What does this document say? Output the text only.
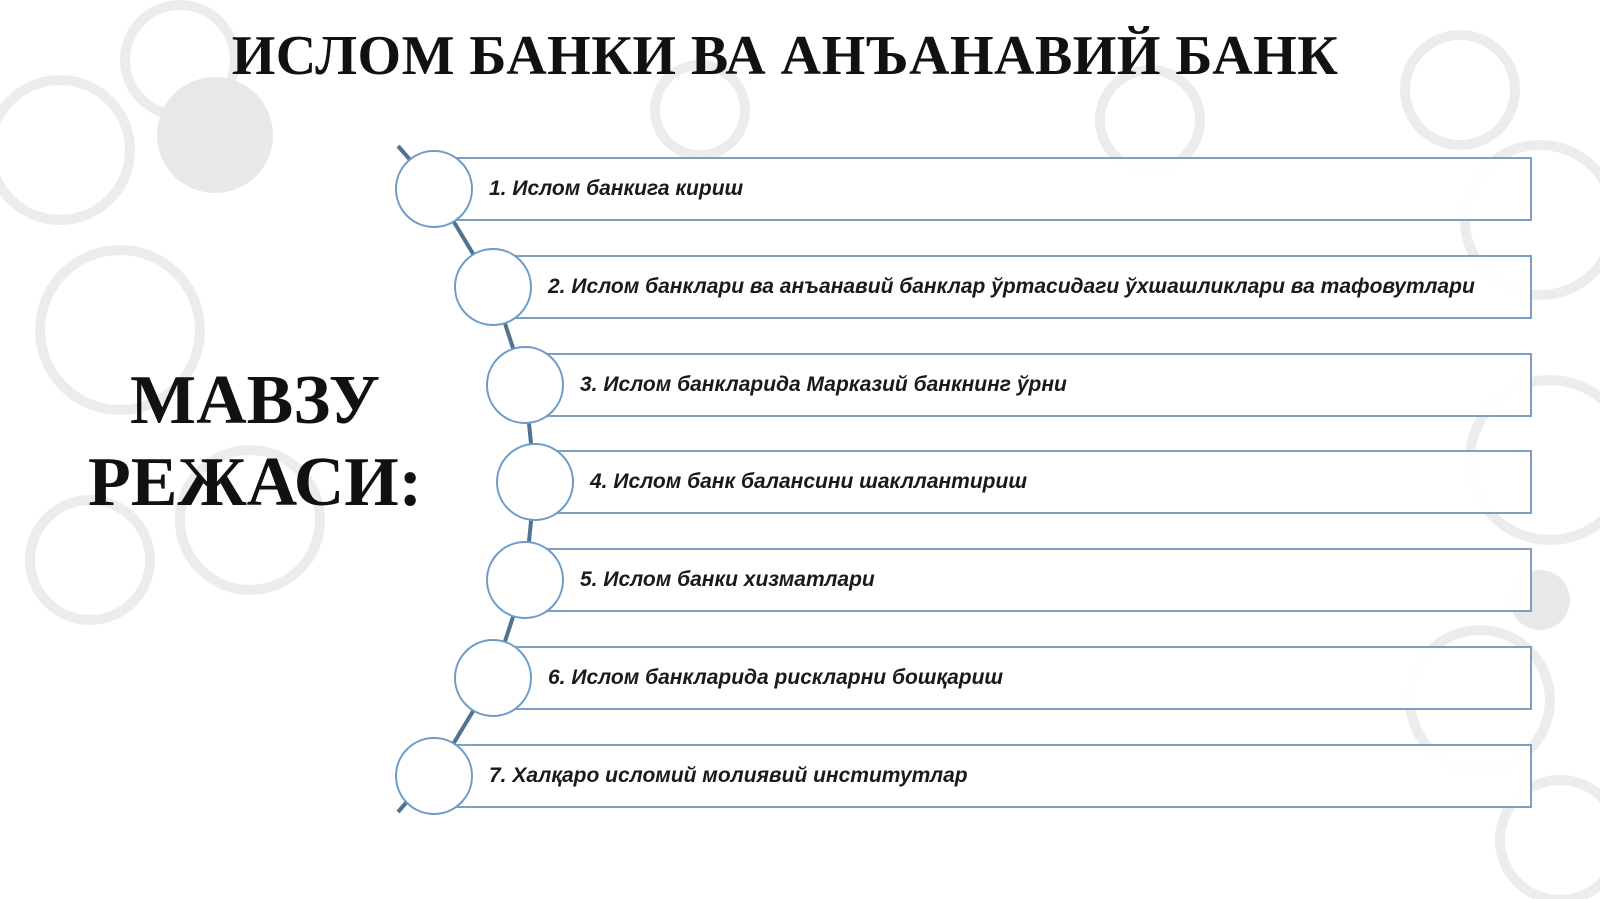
ИСЛОМ БАНКИ ВА АНЪАНАВИЙ БАНК
МАВЗУ
РЕЖАСИ:
1. Ислом банкига кириш
2. Ислом банклари ва анъанавий банклар ўртасидаги ўхшашликлари ва тафовутлари
3. Ислом банкларида Марказий банкнинг ўрни
4. Ислом банк балансини шакллантириш
5. Ислом банки хизматлари
6. Ислом банкларида рискларни бошқариш
7. Халқаро исломий молиявий институтлар
